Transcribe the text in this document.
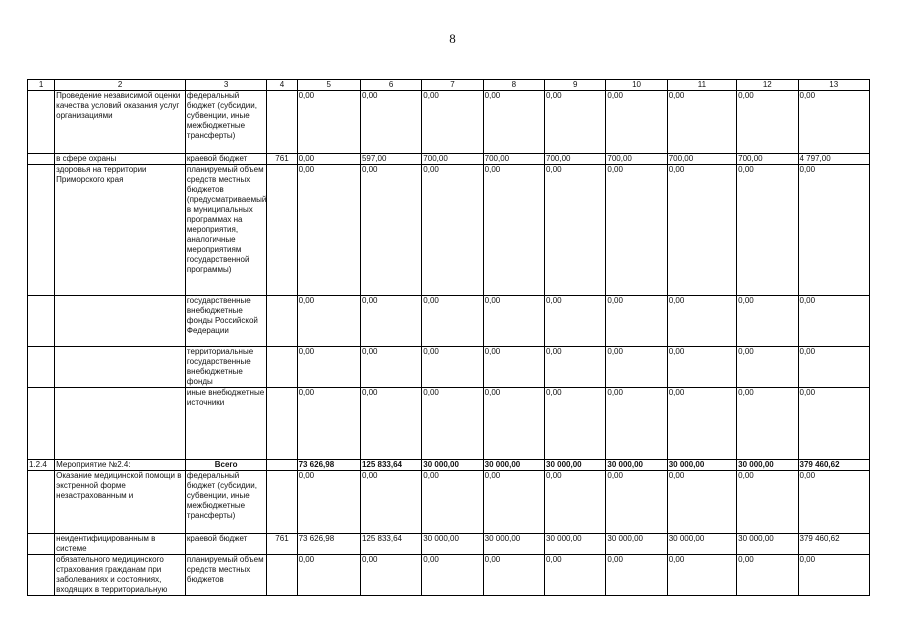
8
1	2	3	4	5	6	7	8	9	10	11	12	13
	Проведение независимой оценки качества условий оказания услуг организациями	федеральный бюджет (субсидии, субвенции, иные межбюджетные трансферты)		0,00	0,00	0,00	0,00	0,00	0,00	0,00	0,00	0,00
	в сфере охраны	краевой бюджет	761	0,00	597,00	700,00	700,00	700,00	700,00	700,00	700,00	4 797,00
	здоровья на территории Приморского края	планируемый объем средств местных бюджетов (предусматриваемый в муниципальных программах на мероприятия, аналогичные мероприятиям государственной программы)		0,00	0,00	0,00	0,00	0,00	0,00	0,00	0,00	0,00
		государственные внебюджетные фонды Российской Федерации		0,00	0,00	0,00	0,00	0,00	0,00	0,00	0,00	0,00
		территориальные государственные внебюджетные фонды		0,00	0,00	0,00	0,00	0,00	0,00	0,00	0,00	0,00
		иные внебюджетные источники		0,00	0,00	0,00	0,00	0,00	0,00	0,00	0,00	0,00
1.2.4	Мероприятие №2.4:	Всего		73 626,98	125 833,64	30 000,00	30 000,00	30 000,00	30 000,00	30 000,00	30 000,00	379 460,62
	Оказание медицинской помощи в экстренной форме незастрахованным и	федеральный бюджет (субсидии, субвенции, иные межбюджетные трансферты)		0,00	0,00	0,00	0,00	0,00	0,00	0,00	0,00	0,00
	неидентифицированным в системе	краевой бюджет	761	73 626,98	125 833,64	30 000,00	30 000,00	30 000,00	30 000,00	30 000,00	30 000,00	379 460,62
	обязательного медицинского страхования гражданам при заболеваниях и состояниях, входящих в территориальную	планируемый объем средств местных бюджетов		0,00	0,00	0,00	0,00	0,00	0,00	0,00	0,00	0,00
